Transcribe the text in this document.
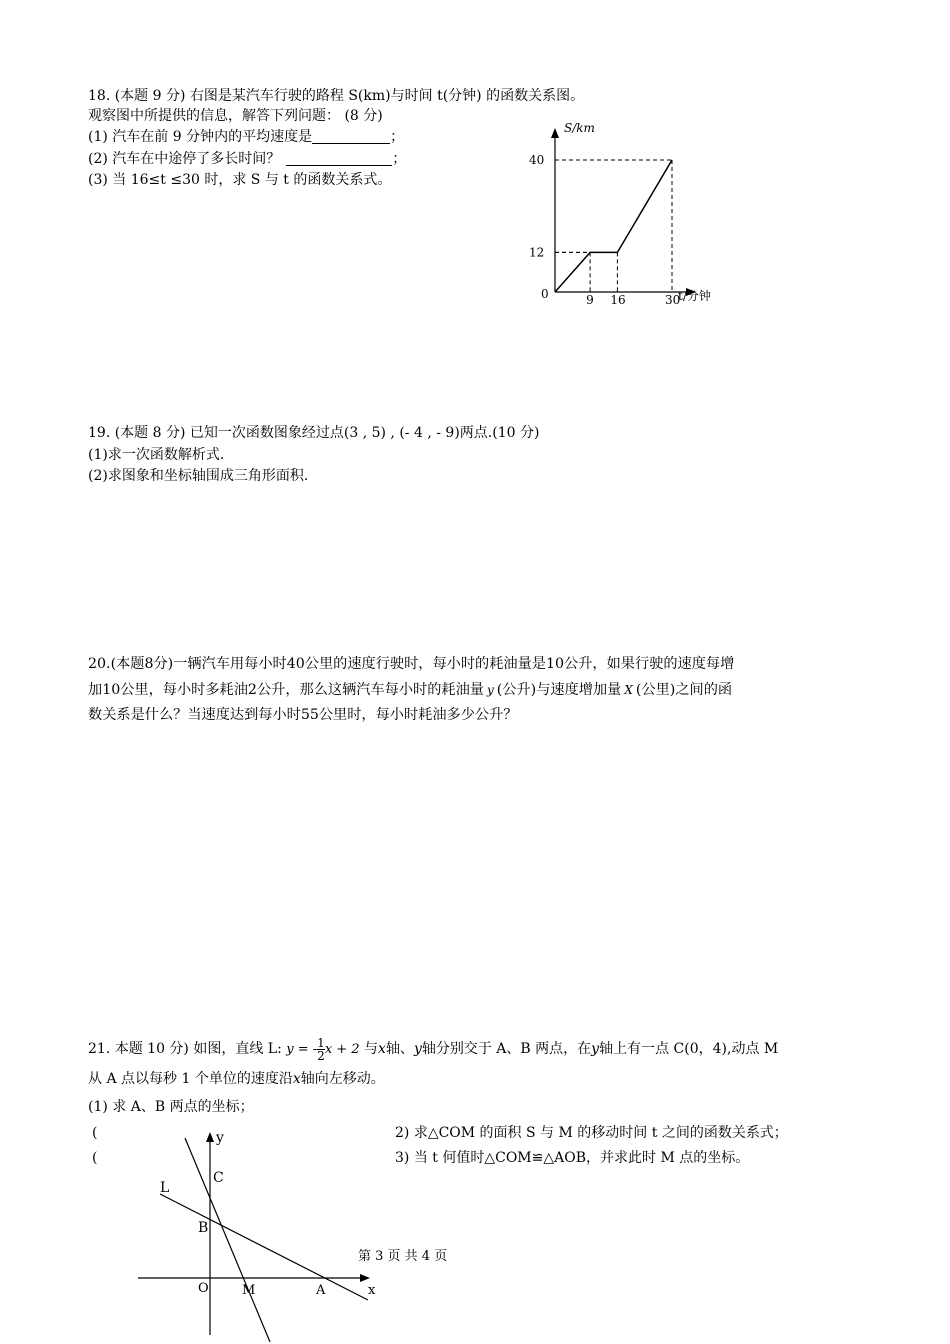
18. (本题 9 分) 右图是某汽车行驶的路程 S(km)与时间 t(分钟) 的函数关系图。
观察图中所提供的信息，解答下列问题： (8 分)
(1) 汽车在前 9 分钟内的平均速度是	；
(2) 汽车在中途停了多长时间？	；
(3) 当 16≤t ≤30 时，求 S 与 t 的函数关系式。
9 16	30
12
40
S/km
t/分钟
0
19. (本题 8 分) 已知一次函数图象经过点(3 , 5) , (- 4 , - 9)两点.(10 分)
(1)求一次函数解析式.
(2)求图象和坐标轴围成三角形面积.
20.(本题8分)一辆汽车用每小时40公里的速度行驶时，每小时的耗油量是10公升，如果行驶的速度每增
加10公里，每小时多耗油2公升，那么这辆汽车每小时的耗油量 y (公升)与速度增加量 X (公里)之间的函
数关系是什么？当速度达到每小时55公里时，每小时耗油多少公升？
21. 本题 10 分) 如图，直线 L: y = - $\frac{1}{2}$ x + 2 与x轴、y轴分别交于 A、B 两点，在y轴上有一点 C(0，4),动点 M
从 A 点以每秒 1 个单位的速度沿x轴向左移动。
(1) 求 A、B 两点的坐标；
(
(
2) 求△COM 的面积 S 与 M 的移动时间 t 之间的函数关系式；
3) 当 t 何值时△COM≌△AOB，并求此时 M 点的坐标。
y
x
L
C
B
O	M	A
第 3 页 共 4 页
